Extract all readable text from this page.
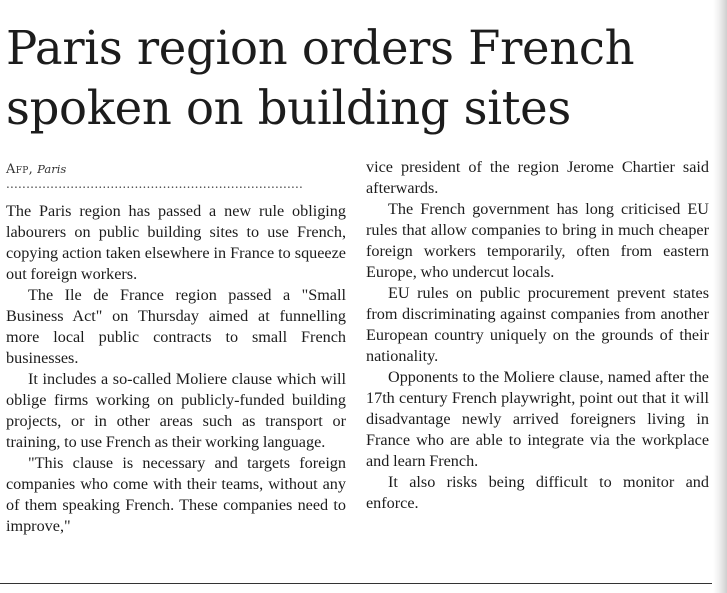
Paris region orders French
spoken on building sites
Afp, Paris
..........................................................................

The Paris region has passed a new rule obliging labourers on public building sites to use French, copying action taken elsewhere in France to squeeze out foreign workers.

The Ile de France region passed a "Small Business Act" on Thursday aimed at funnelling more local public contracts to small French businesses.

It includes a so-called Moliere clause which will oblige firms working on publicly-funded building projects, or in other areas such as transport or training, to use French as their working language.

"This clause is necessary and targets foreign companies who come with their teams, without any of them speaking French. These companies need to improve,"

vice president of the region Jerome Chartier said afterwards.

The French government has long criticised EU rules that allow companies to bring in much cheaper foreign workers temporarily, often from eastern Europe, who undercut locals.

EU rules on public procurement prevent states from discriminating against companies from another European country uniquely on the grounds of their nationality.

Opponents to the Moliere clause, named after the 17th century French playwright, point out that it will disadvantage newly arrived foreigners living in France who are able to integrate via the workplace and learn French.

It also risks being difficult to monitor and enforce.
